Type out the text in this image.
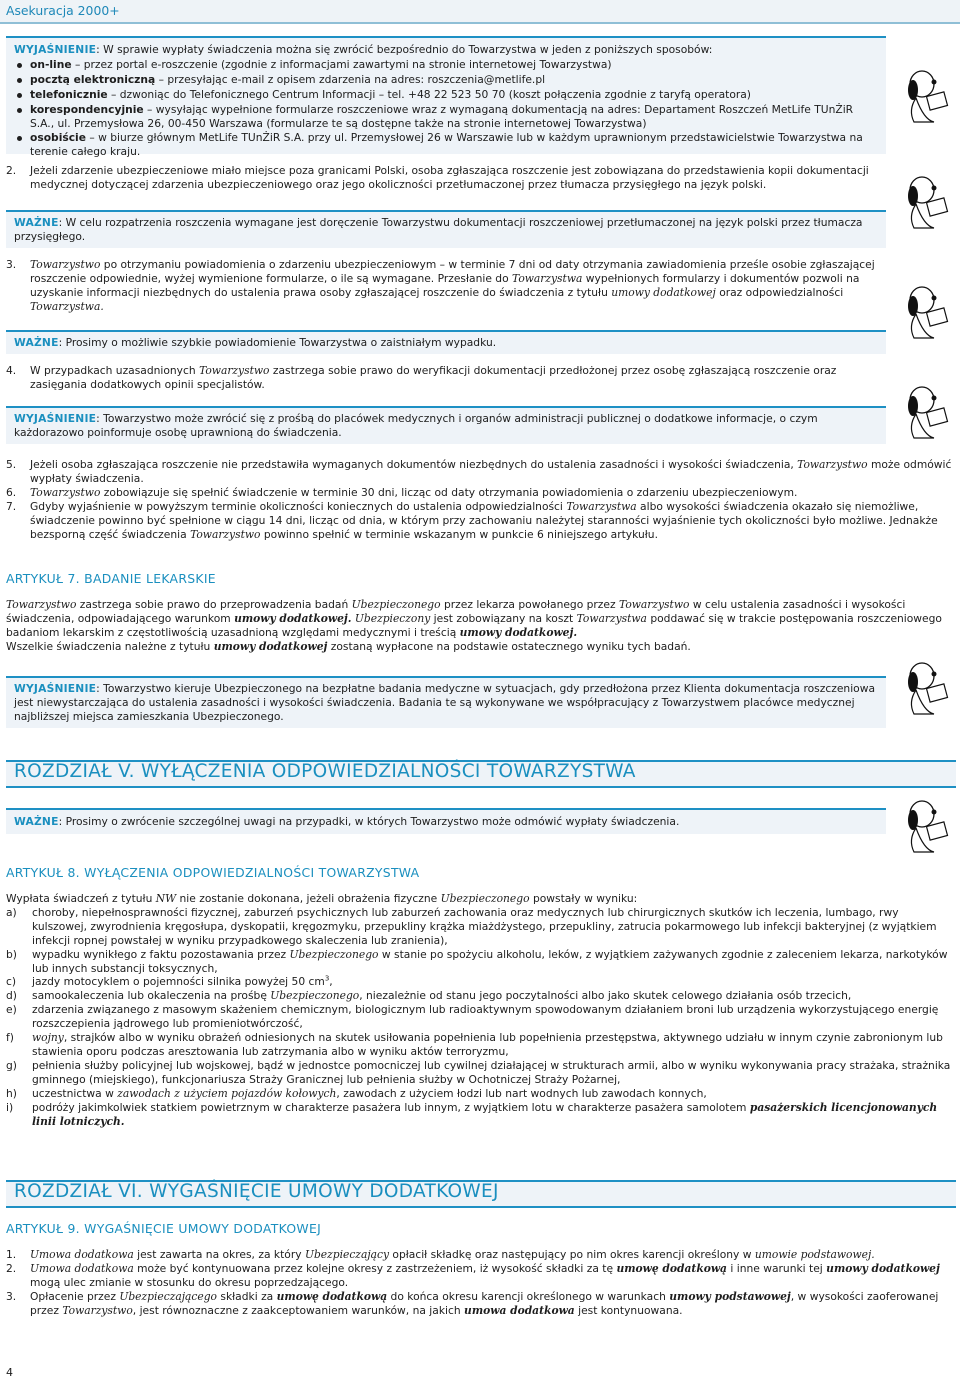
Asekuracja 2000+
WYJAŚNIENIE: W sprawie wypłaty świadczenia można się zwrócić bezpośrednio do Towarzystwa w jeden z poniższych sposobów:

on-line – przez portal e-roszczenie (zgodnie z informacjami zawartymi na stronie internetowej Towarzystwa)

pocztą elektroniczną – przesyłając e-mail z opisem zdarzenia na adres: roszczenia@metlife.pl

telefonicznie – dzwoniąc do Telefonicznego Centrum Informacji – tel. +48 22 523 50 70 (koszt połączenia zgodnie z taryfą operatora)

korespondencyjnie – wysyłając wypełnione formularze roszczeniowe wraz z wymaganą dokumentacją na adres: Departament Roszczeń MetLife TUnŻiR S.A., ul. Przemysłowa 26, 00-450 Warszawa (formularze te są dostępne także na stronie internetowej Towarzystwa)

osobiście – w biurze głównym MetLife TUnŻiR S.A. przy ul. Przemysłowej 26 w Warszawie lub w każdym uprawnionym przedstawicielstwie Towarzystwa na terenie całego kraju.

2.	Jeżeli zdarzenie ubezpieczeniowe miało miejsce poza granicami Polski, osoba zgłaszająca roszczenie jest zobowiązana do przedstawienia kopii dokumentacji medycznej dotyczącej zdarzenia ubezpieczeniowego oraz jego okoliczności przetłumaczonej przez tłumacza przysięgłego na język polski.
WAŻNE: W celu rozpatrzenia roszczenia wymagane jest doręczenie Towarzystwu dokumentacji roszczeniowej przetłumaczonej na język polski przez tłumacza przysięgłego.
3.	Towarzystwo po otrzymaniu powiadomienia o zdarzeniu ubezpieczeniowym – w terminie 7 dni od daty otrzymania zawiadomienia prześle osobie zgłaszającej roszczenie odpowiednie, wyżej wymienione formularze, o ile są wymagane. Przesłanie do Towarzystwa wypełnionych formularzy i dokumentów pozwoli na uzyskanie informacji niezbędnych do ustalenia prawa osoby zgłaszającej roszczenie do świadczenia z tytułu umowy dodatkowej oraz odpowiedzialności Towarzystwa.
WAŻNE: Prosimy o możliwie szybkie powiadomienie Towarzystwa o zaistniałym wypadku.
4.	W przypadkach uzasadnionych Towarzystwo zastrzega sobie prawo do weryfikacji dokumentacji przedłożonej przez osobę zgłaszającą roszczenie oraz zasięgania dodatkowych opinii specjalistów.
WYJAŚNIENIE: Towarzystwo może zwrócić się z prośbą do placówek medycznych i organów administracji publicznej o dodatkowe informacje, o czym każdorazowo poinformuje osobę uprawnioną do świadczenia.
5.	Jeżeli osoba zgłaszająca roszczenie nie przedstawiła wymaganych dokumentów niezbędnych do ustalenia zasadności i wysokości świadczenia, Towarzystwo może odmówić wypłaty świadczenia.
6.	Towarzystwo zobowiązuje się spełnić świadczenie w terminie 30 dni, licząc od daty otrzymania powiadomienia o zdarzeniu ubezpieczeniowym.
7.	Gdyby wyjaśnienie w powyższym terminie okoliczności koniecznych do ustalenia odpowiedzialności Towarzystwa albo wysokości świadczenia okazało się niemożliwe, świadczenie powinno być spełnione w ciągu 14 dni, licząc od dnia, w którym przy zachowaniu należytej staranności wyjaśnienie tych okoliczności było możliwe. Jednakże bezsporną część świadczenia Towarzystwo powinno spełnić w terminie wskazanym w punkcie 6 niniejszego artykułu.
ARTYKUŁ 7. BADANIE LEKARSKIE
Towarzystwo zastrzega sobie prawo do przeprowadzenia badań Ubezpieczonego przez lekarza powołanego przez Towarzystwo w celu ustalenia zasadności i wysokości świadczenia, odpowiadającego warunkom umowy dodatkowej. Ubezpieczony jest zobowiązany na koszt Towarzystwa poddawać się w trakcie postępowania roszczeniowego badaniom lekarskim z częstotliwością uzasadnioną względami medycznymi i treścią umowy dodatkowej.
Wszelkie świadczenia należne z tytułu umowy dodatkowej zostaną wypłacone na podstawie ostatecznego wyniku tych badań.
WYJAŚNIENIE: Towarzystwo kieruje Ubezpieczonego na bezpłatne badania medyczne w sytuacjach, gdy przedłożona przez Klienta dokumentacja roszczeniowa jest niewystarczająca do ustalenia zasadności i wysokości świadczenia. Badania te są wykonywane we współpracujący z Towarzystwem placówce medycznej najbliższej miejsca zamieszkania Ubezpieczonego.
ROZDZIAŁ V. WYŁĄCZENIA ODPOWIEDZIALNOŚCI TOWARZYSTWA
WAŻNE: Prosimy o zwrócenie szczególnej uwagi na przypadki, w których Towarzystwo może odmówić wypłaty świadczenia.
ARTYKUŁ 8. WYŁĄCZENIA ODPOWIEDZIALNOŚCI TOWARZYSTWA
Wypłata świadczeń z tytułu NW nie zostanie dokonana, jeżeli obrażenia fizyczne Ubezpieczonego powstały w wyniku:
a)	choroby, niepełnosprawności fizycznej, zaburzeń psychicznych lub zaburzeń zachowania oraz medycznych lub chirurgicznych skutków ich leczenia, lumbago, rwy kulszowej, zwyrodnienia kręgosłupa, dyskopatii, kręgozmyku, przepukliny krążka miażdżystego, przepukliny, zatrucia pokarmowego lub infekcji bakteryjnej (z wyjątkiem infekcji ropnej powstałej w wyniku przypadkowego skaleczenia lub zranienia),
b)	wypadku wynikłego z faktu pozostawania przez Ubezpieczonego w stanie po spożyciu alkoholu, leków, z wyjątkiem zażywanych zgodnie z zaleceniem lekarza, narkotyków lub innych substancji toksycznych,
c)	jazdy motocyklem o pojemności silnika powyżej 50 $cm^3$,
d)	samookaleczenia lub okaleczenia na prośbę Ubezpieczonego, niezależnie od stanu jego poczytalności albo jako skutek celowego działania osób trzecich,
e)	zdarzenia związanego z masowym skażeniem chemicznym, biologicznym lub radioaktywnym spowodowanym działaniem broni lub urządzenia wykorzystującego energię rozszczepienia jądrowego lub promieniotwórczość,
f)	wojny, strajków albo w wyniku obrażeń odniesionych na skutek usiłowania popełnienia lub popełnienia przestępstwa, aktywnego udziału w innym czynie zabronionym lub stawienia oporu podczas aresztowania lub zatrzymania albo w wyniku aktów terroryzmu,
g)	pełnienia służby policyjnej lub wojskowej, bądź w jednostce pomocniczej lub cywilnej działającej w strukturach armii, albo w wyniku wykonywania pracy strażaka, strażnika gminnego (miejskiego), funkcjonariusza Straży Granicznej lub pełnienia służby w Ochotniczej Straży Pożarnej,
h)	uczestnictwa w zawodach z użyciem pojazdów kołowych, zawodach z użyciem łodzi lub nart wodnych lub zawodach konnych,
i)	podróży jakimkolwiek statkiem powietrznym w charakterze pasażera lub innym, z wyjątkiem lotu w charakterze pasażera samolotem pasażerskich licencjonowanych linii lotniczych.
ROZDZIAŁ VI. WYGAŚNIĘCIE UMOWY DODATKOWEJ
ARTYKUŁ 9. WYGAŚNIĘCIE UMOWY DODATKOWEJ
1.	Umowa dodatkowa jest zawarta na okres, za który Ubezpieczający opłacił składkę oraz następujący po nim okres karencji określony w umowie podstawowej.
2.	Umowa dodatkowa może być kontynuowana przez kolejne okresy z zastrzeżeniem, iż wysokość składki za tę umowę dodatkową i inne warunki tej umowy dodatkowej mogą ulec zmianie w stosunku do okresu poprzedzającego.
3.	Opłacenie przez Ubezpieczającego składki za umowę dodatkową do końca okresu karencji określonego w warunkach umowy podstawowej, w wysokości zaoferowanej przez Towarzystwo, jest równoznaczne z zaakceptowaniem warunków, na jakich umowa dodatkowa jest kontynuowana.
4
